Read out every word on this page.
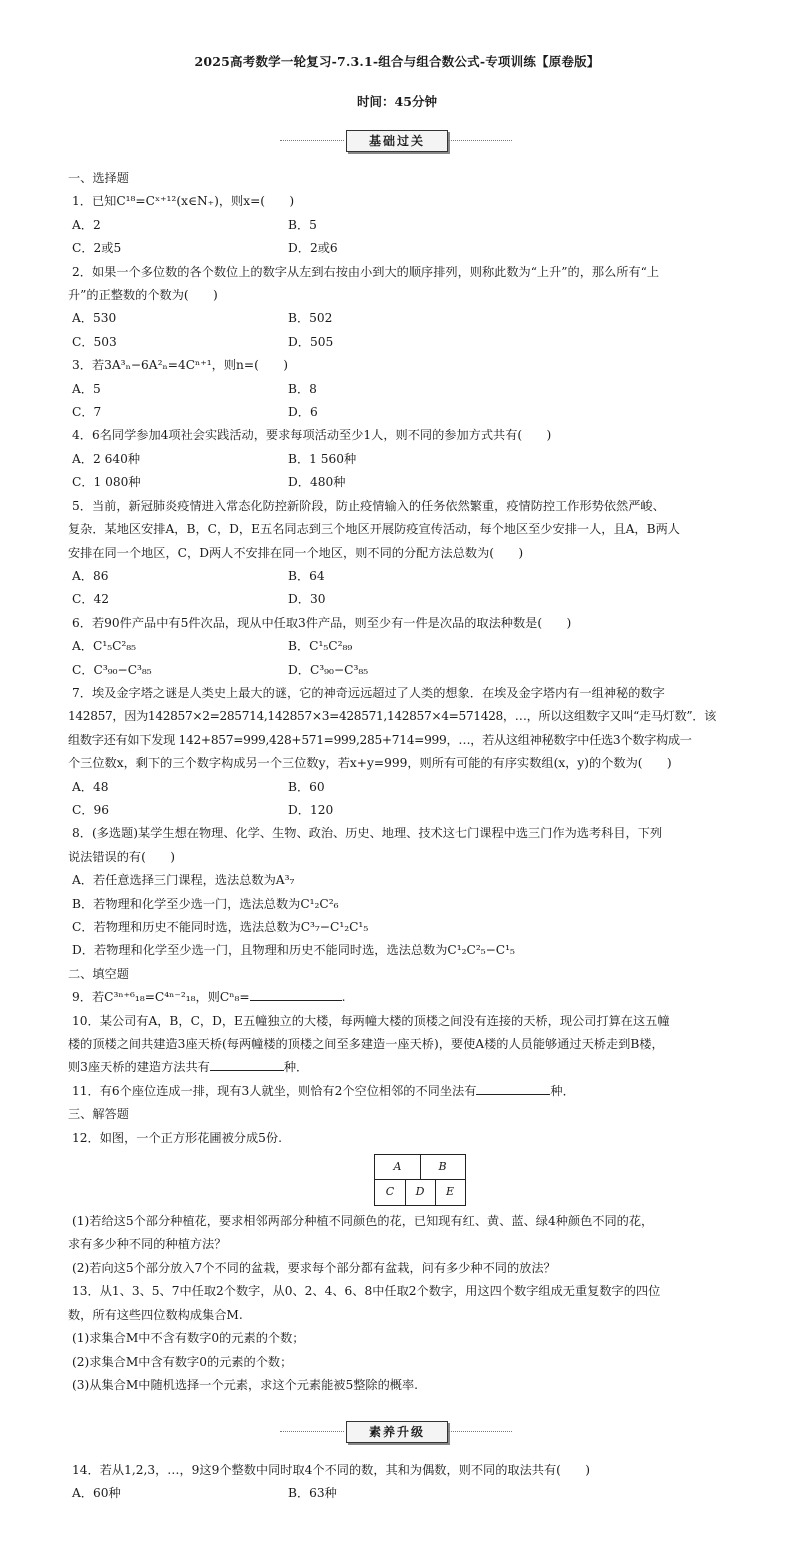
2025高考数学一轮复习-7.3.1-组合与组合数公式-专项训练【原卷版】
时间：45分钟
基础过关
一、选择题
1．已知C¹⁸=Cˣ⁺¹²(x∈N₊)，则x=(　　)
A．2	B．5
C．2或5	D．2或6
2．如果一个多位数的各个数位上的数字从左到右按由小到大的顺序排列，则称此数为“上升”的，那么所有“上
升”的正整数的个数为(　　)
A．530	B．502
C．503	D．505
3．若3A³ₙ−6A²ₙ=4Cⁿ⁺¹，则n=(　　)
A．5	B．8
C．7	D．6
4．6名同学参加4项社会实践活动，要求每项活动至少1人，则不同的参加方式共有(　　)
A．2 640种	B．1 560种
C．1 080种	D．480种
5．当前，新冠肺炎疫情进入常态化防控新阶段，防止疫情输入的任务依然繁重，疫情防控工作形势依然严峻、
复杂．某地区安排A，B，C，D，E五名同志到三个地区开展防疫宣传活动，每个地区至少安排一人，且A，B两人
安排在同一个地区，C，D两人不安排在同一个地区，则不同的分配方法总数为(　　)
A．86	B．64
C．42	D．30
6．若90件产品中有5件次品，现从中任取3件产品，则至少有一件是次品的取法种数是(　　)
A．C¹₅C²₈₅	B．C¹₅C²₈₉
C．C³₉₀−C³₈₅	D．C³₉₀−C³₈₅
7．埃及金字塔之谜是人类史上最大的谜，它的神奇远远超过了人类的想象．在埃及金字塔内有一组神秘的数字
142857，因为142857×2=285714,142857×3=428571,142857×4=571428，…，所以这组数字又叫“走马灯数”．该
组数字还有如下发现 142+857=999,428+571=999,285+714=999，…，若从这组神秘数字中任选3个数字构成一
个三位数x，剩下的三个数字构成另一个三位数y，若x+y=999，则所有可能的有序实数组(x，y)的个数为(　　)
A．48	B．60
C．96	D．120
8．(多选题)某学生想在物理、化学、生物、政治、历史、地理、技术这七门课程中选三门作为选考科目，下列
说法错误的有(　　)
A．若任意选择三门课程，选法总数为A³₇
B．若物理和化学至少选一门，选法总数为C¹₂C²₆
C．若物理和历史不能同时选，选法总数为C³₇−C¹₂C¹₅
D．若物理和化学至少选一门，且物理和历史不能同时选，选法总数为C¹₂C²₅−C¹₅
二、填空题
9．若C³ⁿ⁺⁶₁₈=C⁴ⁿ⁻²₁₈，则Cⁿ₈=	.
10．某公司有A，B，C，D，E五幢独立的大楼，每两幢大楼的顶楼之间没有连接的天桥，现公司打算在这五幢
楼的顶楼之间共建造3座天桥(每两幢楼的顶楼之间至多建造一座天桥)，要使A楼的人员能够通过天桥走到B楼，
则3座天桥的建造方法共有	种．
11．有6个座位连成一排，现有3人就坐，则恰有2个空位相邻的不同坐法有	种．
三、解答题
12．如图，一个正方形花圃被分成5份.
A	B
C	D	E
(1)若给这5个部分种植花，要求相邻两部分种植不同颜色的花，已知现有红、黄、蓝、绿4种颜色不同的花，
求有多少种不同的种植方法？
(2)若向这5个部分放入7个不同的盆栽，要求每个部分都有盆栽，问有多少种不同的放法？
13．从1、3、5、7中任取2个数字，从0、2、4、6、8中任取2个数字，用这四个数字组成无重复数字的四位
数，所有这些四位数构成集合M.
(1)求集合M中不含有数字0的元素的个数；
(2)求集合M中含有数字0的元素的个数；
(3)从集合M中随机选择一个元素，求这个元素能被5整除的概率.
素养升级
14．若从1,2,3，…，9这9个整数中同时取4个不同的数，其和为偶数，则不同的取法共有(　　)
A．60种	B．63种
